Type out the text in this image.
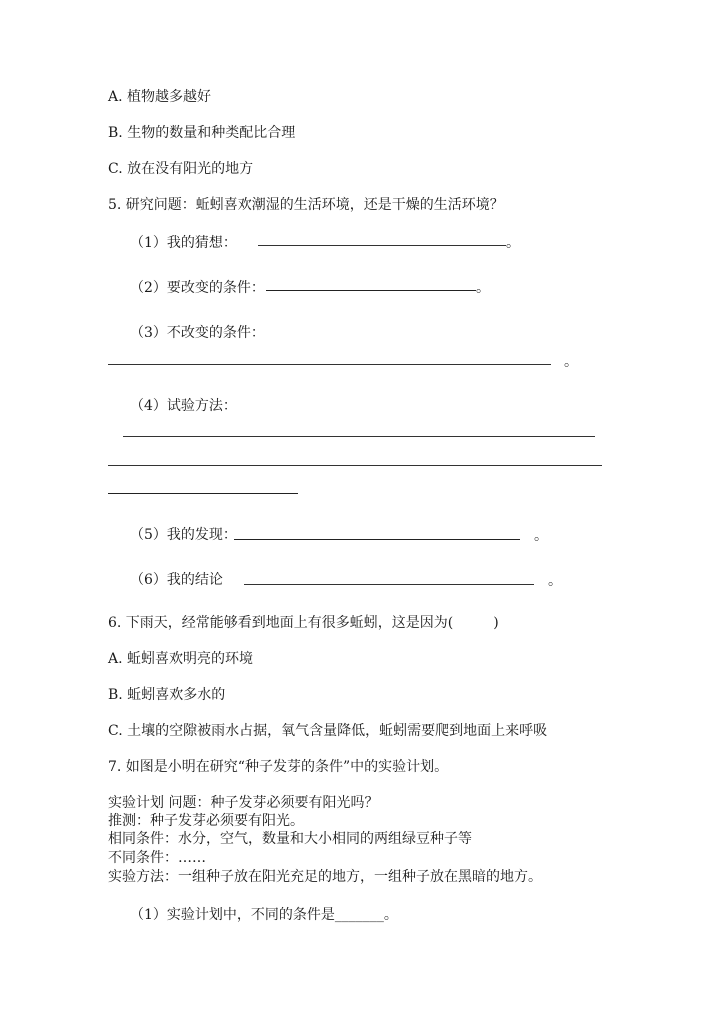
A. 植物越多越好
B. 生物的数量和种类配比合理
C. 放在没有阳光的地方
5. 研究问题：蚯蚓喜欢潮湿的生活环境，还是干燥的生活环境？
（1）我的猜想：	。
（2）要改变的条件：	。
（3）不改变的条件：
。
（4）试验方法：
（5）我的发现：	。
（6）我的结论	。
6. 下雨天，经常能够看到地面上有很多蚯蚓，这是因为(	)
A. 蚯蚓喜欢明亮的环境
B. 蚯蚓喜欢多水的
C. 土壤的空隙被雨水占据，氧气含量降低，蚯蚓需要爬到地面上来呼吸
7. 如图是小明在研究“种子发芽的条件”中的实验计划。
实验计划 问题：种子发芽必须要有阳光吗？
推测：种子发芽必须要有阳光。
相同条件：水分，空气，数量和大小相同的两组绿豆种子等
不同条件：……
实验方法：一组种子放在阳光充足的地方，一组种子放在黑暗的地方。
（1）实验计划中，不同的条件是_______。
